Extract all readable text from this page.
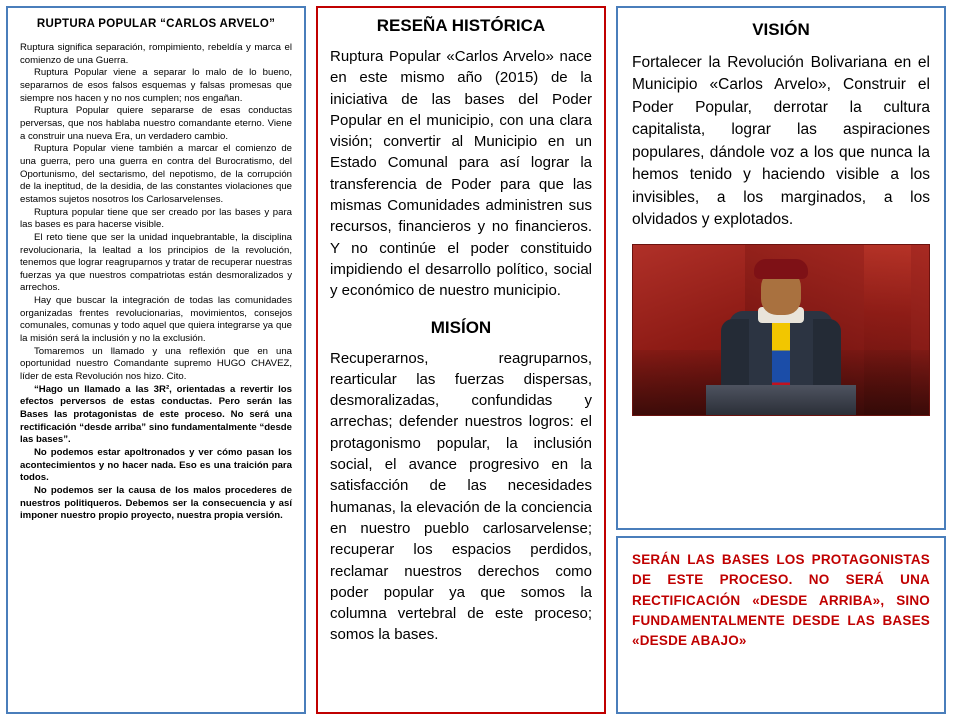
RUPTURA POPULAR “CARLOS ARVELO”

Ruptura significa separación, rompimiento, rebeldía y marca el comienzo de una Guerra.

Ruptura Popular viene a separar lo malo de lo bueno, separarnos de esos falsos esquemas y falsas promesas que siempre nos hacen y no nos cumplen; nos engañan.

Ruptura Popular quiere separarse de esas conductas perversas, que nos hablaba nuestro comandante eterno. Viene a construir una nueva Era, un verdadero cambio.

Ruptura Popular viene también a marcar el comienzo de una guerra, pero una guerra en contra del Burocratismo, del Oportunismo, del sectarismo, del nepotismo, de la corrupción de la ineptitud, de la desidia, de las constantes violaciones que estamos sujetos nosotros los Carlosarvelenses.

Ruptura popular tiene que ser creado por las bases y para las bases es para hacerse visible.

El reto tiene que ser la unidad inquebrantable, la disciplina revolucionaria, la lealtad a los principios de la revolución, tenemos que lograr reagruparnos y tratar de recuperar nuestras fuerzas ya que nuestros compatriotas están desmoralizados y arrechos.

Hay que buscar la integración de todas las comunidades organizadas frentes revolucionarias, movimientos, consejos comunales, comunas y todo aquel que quiera integrarse ya que la misión será la inclusión y no la exclusión.

Tomaremos un llamado y una reflexión que en una oportunidad nuestro Comandante supremo HUGO CHAVEZ, líder de esta Revolución nos hizo. Cito.

“Hago un llamado a las 3R², orientadas a revertir los efectos perversos de estas conductas. Pero serán las Bases las protagonistas de este proceso. No será una rectificación “desde arriba” sino fundamentalmente “desde las bases”.

No podemos estar apoltronados y ver cómo pasan los acontecimientos y no hacer nada. Eso es una traición para todos.

No podemos ser la causa de los malos procederes de nuestros politiqueros. Debemos ser la consecuencia y así imponer nuestro propio proyecto, nuestra propia versión.

RESEÑA HISTÓRICA

Ruptura Popular «Carlos Arvelo» nace en este mismo año (2015) de la iniciativa de las bases del Poder Popular en el municipio, con una clara visión; convertir al Municipio en un Estado Comunal para así lograr la transferencia de Poder para que las mismas Comunidades administren sus recursos, financieros y no financieros. Y no continúe el poder constituido impidiendo el desarrollo político, social y económico de nuestro municipio.

MISÍON

Recuperarnos, reagruparnos, rearticular las fuerzas dispersas, desmoralizadas, confundidas y arrechas; defender nuestros logros: el protagonismo popular, la inclusión social, el avance progresivo en la satisfacción de las necesidades humanas, la elevación de la conciencia en nuestro pueblo carlosarvelense; recuperar los espacios perdidos, reclamar nuestros derechos como poder popular ya que somos la columna vertebral de este proceso; somos la bases.

VISIÓN

Fortalecer la Revolución Bolivariana en el Municipio «Carlos Arvelo», Construir el Poder Popular, derrotar la cultura capitalista, lograr las aspiraciones populares, dándole voz a los que nunca la hemos tenido y haciendo visible a los invisibles, a los marginados, a los olvidados y explotados.

SERÁN LAS BASES LOS PROTAGONISTAS DE ESTE PROCESO. NO SERÁ UNA RECTIFICACIÓN «DESDE ARRIBA», SINO FUNDAMENTALMENTE DESDE LAS BASES «DESDE ABAJO»
